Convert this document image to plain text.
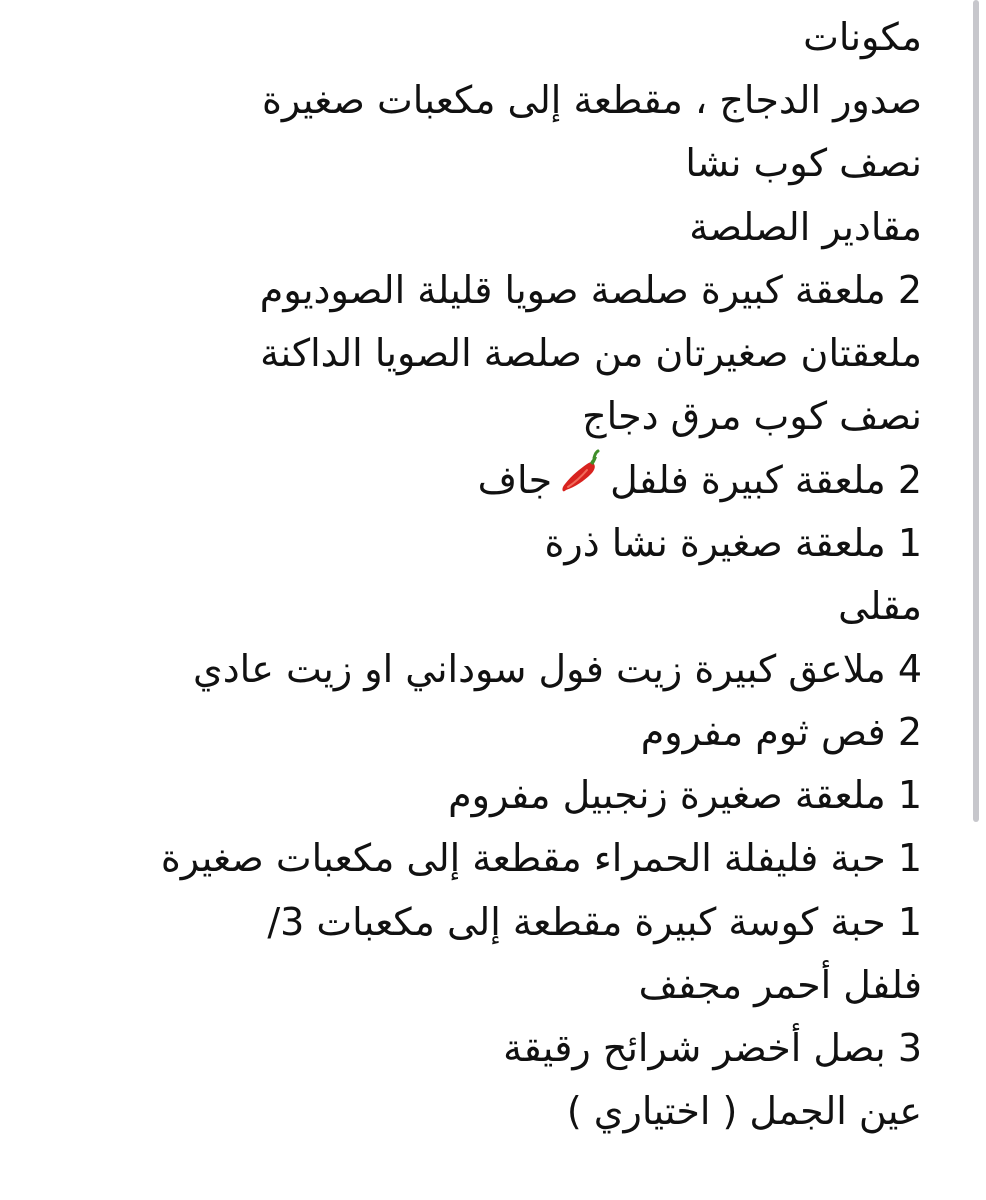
مكونات
صدور الدجاج ، مقطعة إلى مكعبات صغيرة
نصف كوب نشا
مقادير الصلصة
2 ملعقة كبيرة صلصة صويا قليلة الصوديوم
ملعقتان صغيرتان من صلصة الصويا الداكنة
نصف كوب مرق دجاج
2 ملعقة كبيرة فلفلجاف
1 ملعقة صغيرة نشا ذرة
مقلى
4 ملاعق كبيرة زيت فول سوداني او زيت عادي
2 فص ثوم مفروم
1 ملعقة صغيرة زنجبيل مفروم
1 حبة فليفلة الحمراء مقطعة إلى مكعبات صغيرة
1 حبة كوسة كبيرة مقطعة إلى مكعبات 3/
فلفل أحمر مجفف
3 بصل أخضر شرائح رقيقة
عين الجمل ( اختياري )
